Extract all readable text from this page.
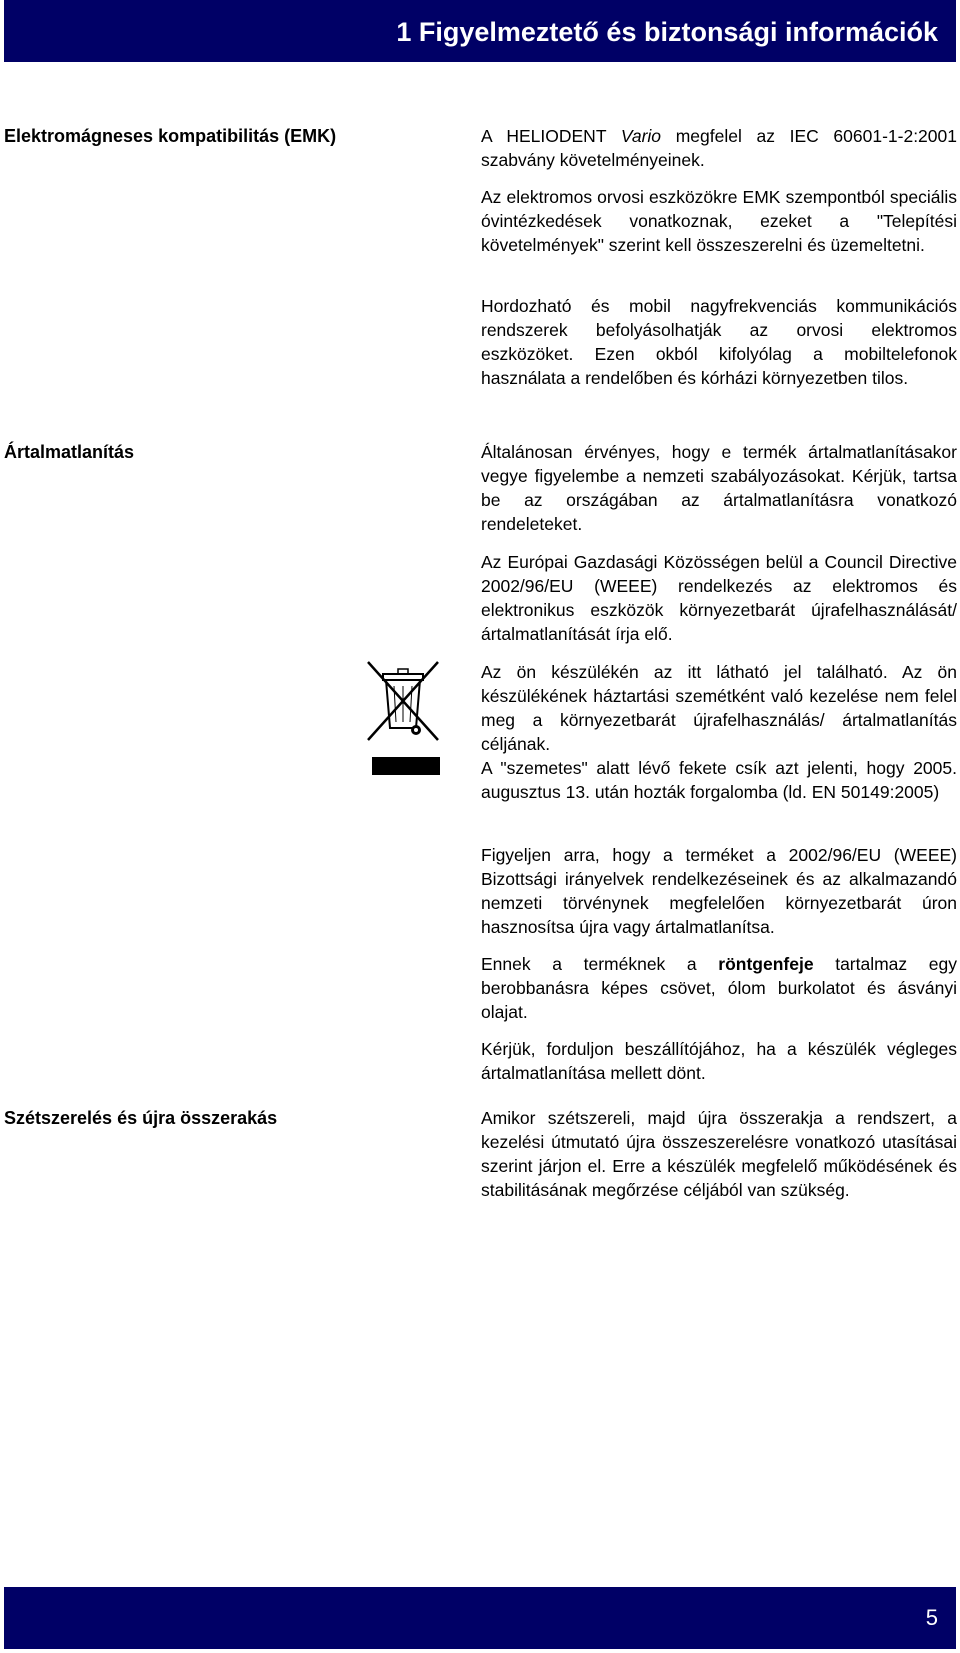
1 Figyelmeztető és biztonsági információk
Elektromágneses kompatibilitás (EMK)	A HELIODENT Vario megfelel az IEC 60601-1-2:2001 szabvány követelményeinek.

Az elektromos orvosi eszközökre EMK szempontból speciális óvintézkedések vonatkoznak, ezeket a "Telepítési követelmények" szerint kell összeszerelni és üzemeltetni.

Hordozható és mobil nagyfrekvenciás kommunikációs rendszerek befolyásolhatják az orvosi elektromos eszközöket. Ezen okból kifolyólag a mobiltelefonok használata a rendelőben és kórházi környezetben tilos.

Ártalmatlanítás	Általánosan érvényes, hogy e termék ártalmatlanításakor vegye figyelembe a nemzeti szabályozásokat. Kérjük, tartsa be az országában az ártalmatlanításra vonatkozó rendeleteket.

Az Európai Gazdasági Közösségen belül a Council Directive 2002/96/EU (WEEE) rendelkezés az elektromos és elektronikus eszközök környezetbarát újrafelhasználását/ártalmatlanítását írja elő.

Az ön készülékén az itt látható jel található. Az ön készülékének háztartási szemétként való kezelése nem felel meg a környezetbarát újrafelhasználás/ ártalmatlanítás céljának.

A "szemetes" alatt lévő fekete csík azt jelenti, hogy 2005. augusztus 13. után hozták forgalomba (ld. EN 50149:2005)

Figyeljen arra, hogy a terméket a 2002/96/EU (WEEE) Bizottsági irányelvek rendelkezéseinek és az alkalmazandó nemzeti törvénynek megfelelően környezetbarát úron hasznosítsa újra vagy ártalmatlanítsa.

Ennek a terméknek a röntgenfeje tartalmaz egy berobbanásra képes csövet, ólom burkolatot és ásványi olajat.

Kérjük, forduljon beszállítójához, ha a készülék végleges ártalmatlanítása mellett dönt.

Szétszerelés és újra összerakás	Amikor szétszereli, majd újra összerakja a rendszert, a kezelési útmutató újra összeszerelésre vonatkozó utasításai szerint járjon el. Erre a készülék megfelelő működésének és stabilitásának megőrzése céljából van szükség.

5
